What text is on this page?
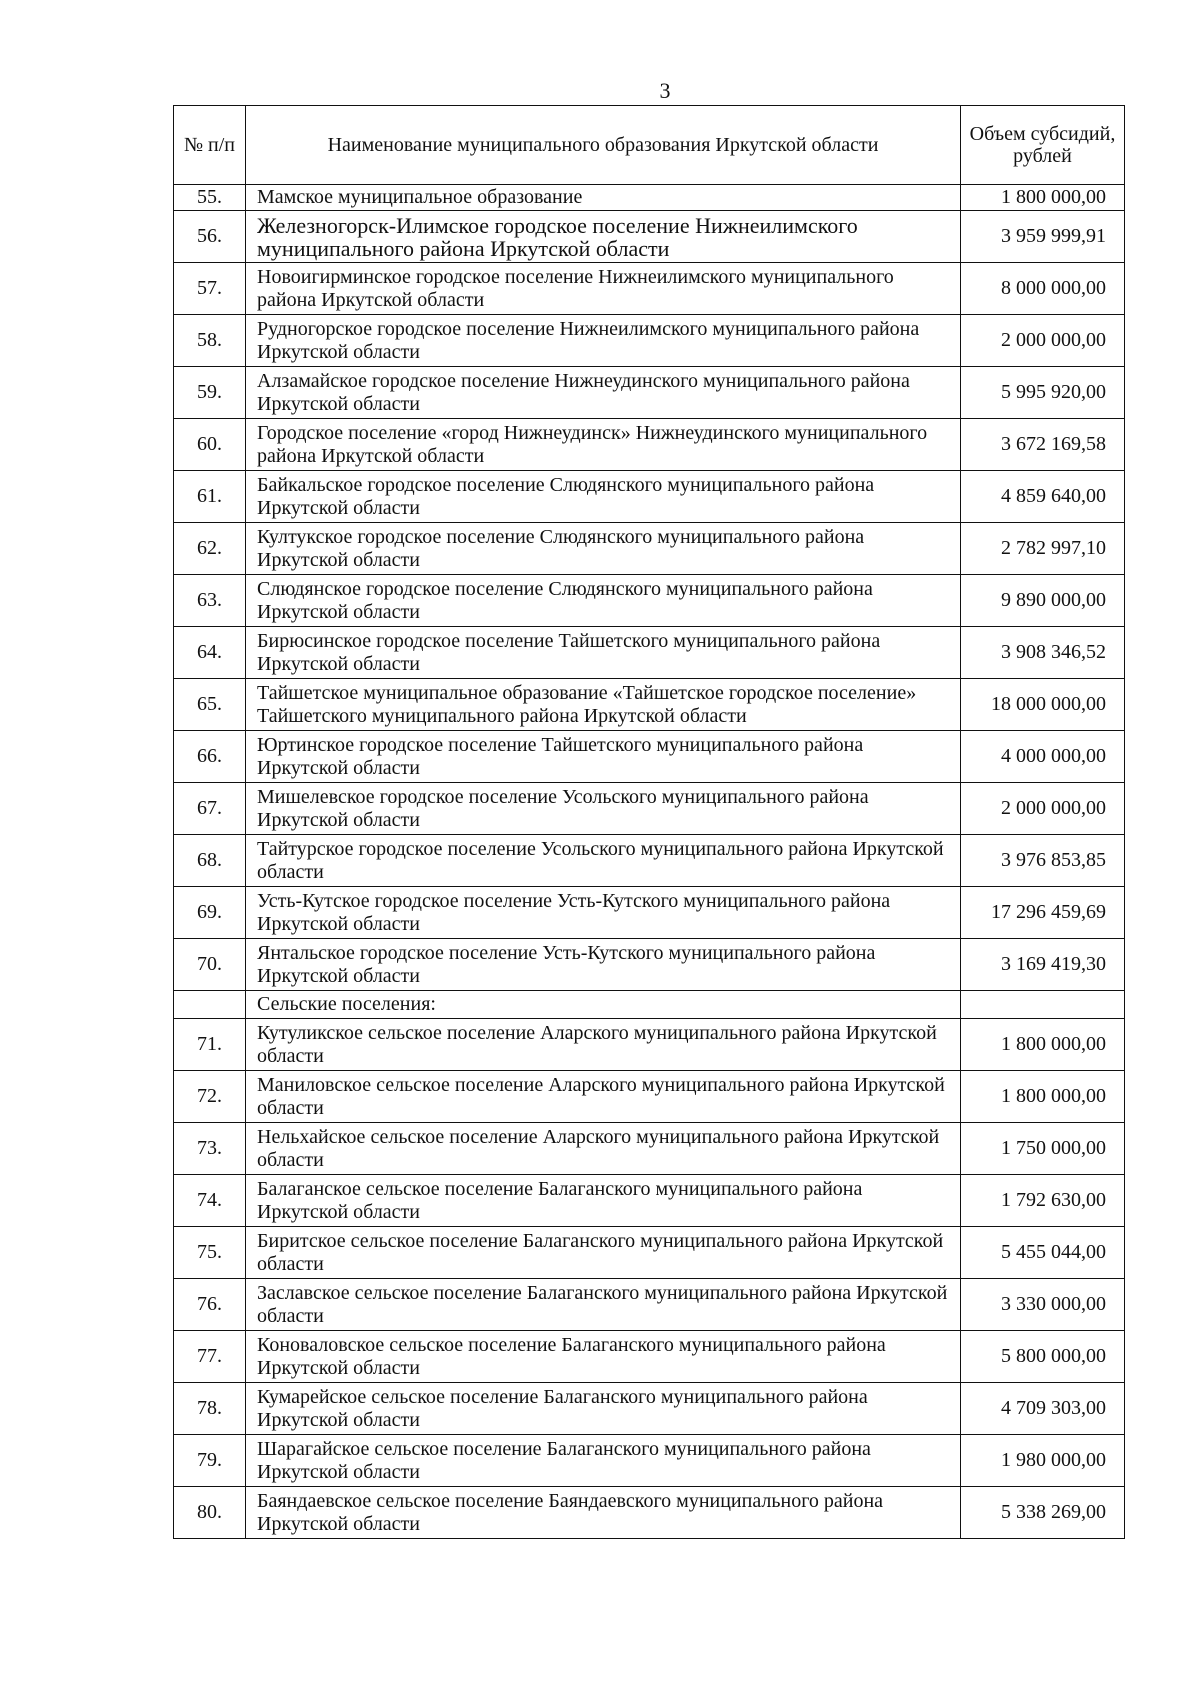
3
№ п/п	Наименование муниципального образования Иркутской области	Объем субсидий, рублей
55.	Мамское муниципальное образование	1 800 000,00
56.	Железногорск-Илимское городское поселение Нижнеилимского муниципального района Иркутской области	3 959 999,91
57.	Новоигирминское городское поселение Нижнеилимского муниципального района Иркутской области	8 000 000,00
58.	Рудногорское городское поселение Нижнеилимского муниципального района Иркутской области	2 000 000,00
59.	Алзамайское городское поселение Нижнеудинского муниципального района Иркутской области	5 995 920,00
60.	Городское поселение «город Нижнеудинск» Нижнеудинского муниципального района Иркутской области	3 672 169,58
61.	Байкальское городское поселение Слюдянского муниципального района Иркутской области	4 859 640,00
62.	Култукское городское поселение Слюдянского муниципального района Иркутской области	2 782 997,10
63.	Слюдянское городское поселение Слюдянского муниципального района Иркутской области	9 890 000,00
64.	Бирюсинское городское поселение Тайшетского муниципального района Иркутской области	3 908 346,52
65.	Тайшетское муниципальное образование «Тайшетское городское поселение» Тайшетского муниципального района Иркутской области	18 000 000,00
66.	Юртинское городское поселение Тайшетского муниципального района Иркутской области	4 000 000,00
67.	Мишелевское городское поселение Усольского муниципального района Иркутской области	2 000 000,00
68.	Тайтурское городское поселение Усольского муниципального района Иркутской области	3 976 853,85
69.	Усть-Кутское городское поселение Усть-Кутского муниципального района Иркутской области	17 296 459,69
70.	Янтальское городское поселение Усть-Кутского муниципального района Иркутской области	3 169 419,30
	Сельские поселения:	
71.	Кутуликское сельское поселение Аларского муниципального района Иркутской области	1 800 000,00
72.	Маниловское сельское поселение Аларского муниципального района Иркутской области	1 800 000,00
73.	Нельхайское сельское поселение Аларского муниципального района Иркутской области	1 750 000,00
74.	Балаганское сельское поселение Балаганского муниципального района Иркутской области	1 792 630,00
75.	Биритское сельское поселение Балаганского муниципального района Иркутской области	5 455 044,00
76.	Заславское сельское поселение Балаганского муниципального района Иркутской области	3 330 000,00
77.	Коноваловское сельское поселение Балаганского муниципального района Иркутской области	5 800 000,00
78.	Кумарейское сельское поселение Балаганского муниципального района Иркутской области	4 709 303,00
79.	Шарагайское сельское поселение Балаганского муниципального района Иркутской области	1 980 000,00
80.	Баяндаевское сельское поселение Баяндаевского муниципального района Иркутской области	5 338 269,00
